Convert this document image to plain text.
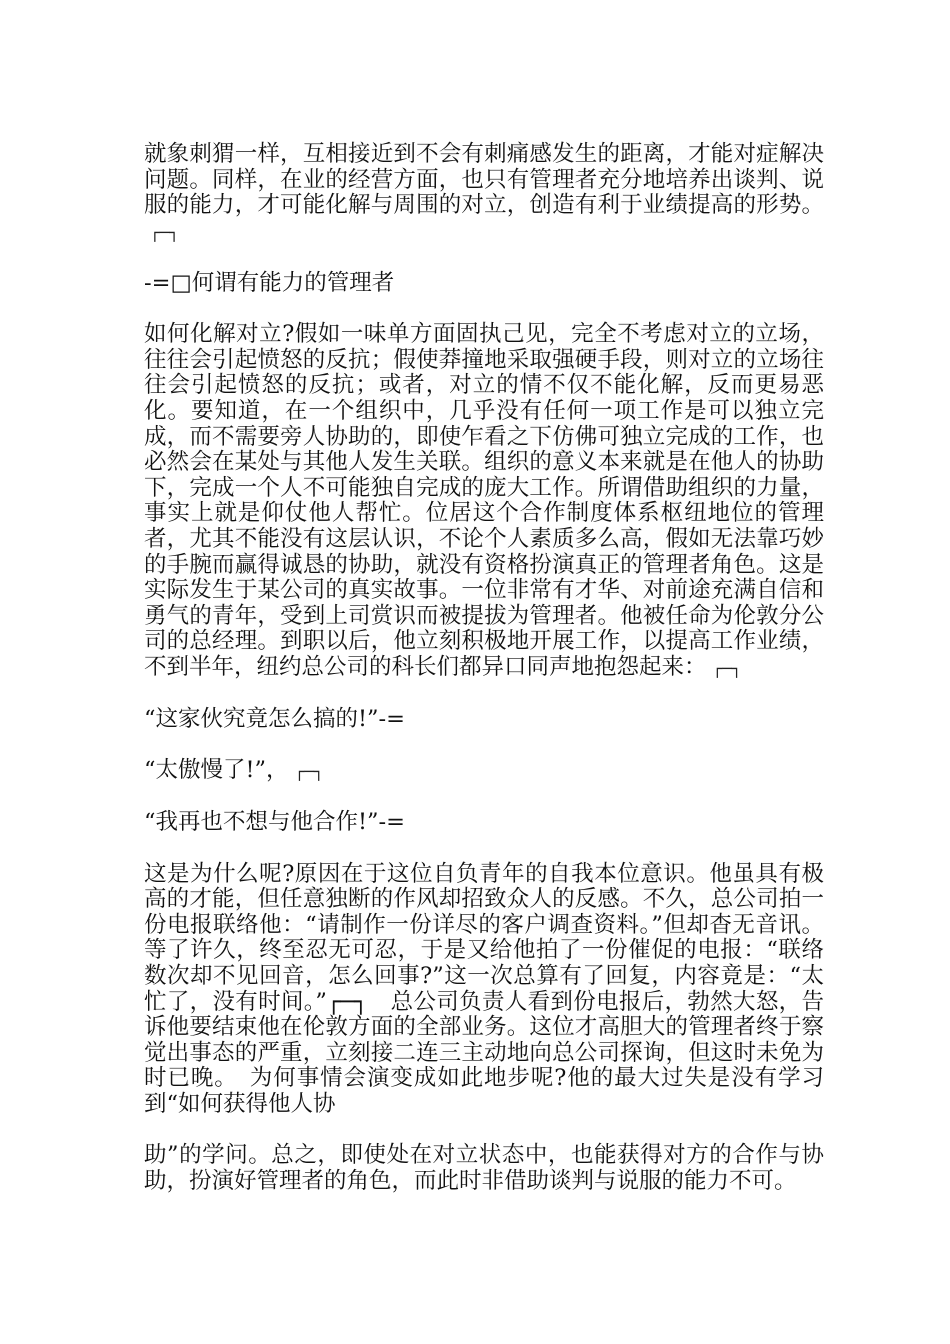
就象刺猬一样，互相接近到不会有刺痛感发生的距离，才能对症解决问题。同样，在业的经营方面，也只有管理者充分地培养出谈判、说服的能力，才可能化解与周围的对立，创造有利于业绩提高的形势。┌─┐

-=□何谓有能力的管理者

如何化解对立?假如一味单方面固执己见，完全不考虑对立的立场，往往会引起愤怒的反抗；假使莽撞地采取强硬手段，则对立的立场往往会引起愤怒的反抗；或者，对立的情不仅不能化解，反而更易恶化。要知道，在一个组织中，几乎没有任何一项工作是可以独立完成，而不需要旁人协助的，即使乍看之下仿佛可独立完成的工作，也必然会在某处与其他人发生关联。组织的意义本来就是在他人的协助下，完成一个人不可能独自完成的庞大工作。所谓借助组织的力量，事实上就是仰仗他人帮忙。位居这个合作制度体系枢纽地位的管理者，尤其不能没有这层认识，不论个人素质多么高，假如无法靠巧妙的手腕而赢得诚恳的协助，就没有资格扮演真正的管理者角色。这是实际发生于某公司的真实故事。一位非常有才华、对前途充满自信和勇气的青年，受到上司赏识而被提拔为管理者。他被任命为伦敦分公司的总经理。到职以后，他立刻积极地开展工作，以提高工作业绩，不到半年，纽约总公司的科长们都异口同声地抱怨起来： ┌─┐

“这家伙究竟怎么搞的!”-=

“太傲慢了!”， ┌─┐

“我再也不想与他合作!”-=

这是为什么呢?原因在于这位自负青年的自我本位意识。他虽具有极高的才能，但任意独断的作风却招致众人的反感。不久，总公司拍一份电报联络他：“请制作一份详尽的客户调查资料。”但却杳无音讯。等了许久，终至忍无可忍，于是又给他拍了一份催促的电报：“联络数次却不见回音，怎么回事?”这一次总算有了回复，内容竟是：“太忙了，没有时间。”┌─┐　总公司负责人看到份电报后，勃然大怒，告诉他要结束他在伦敦方面的全部业务。这位才高胆大的管理者终于察觉出事态的严重，立刻接二连三主动地向总公司探询，但这时未免为时已晚。　为何事情会演变成如此地步呢?他的最大过失是没有学习到“如何获得他人协

助”的学问。总之，即使处在对立状态中，也能获得对方的合作与协助，扮演好管理者的角色，而此时非借助谈判与说服的能力不可。
